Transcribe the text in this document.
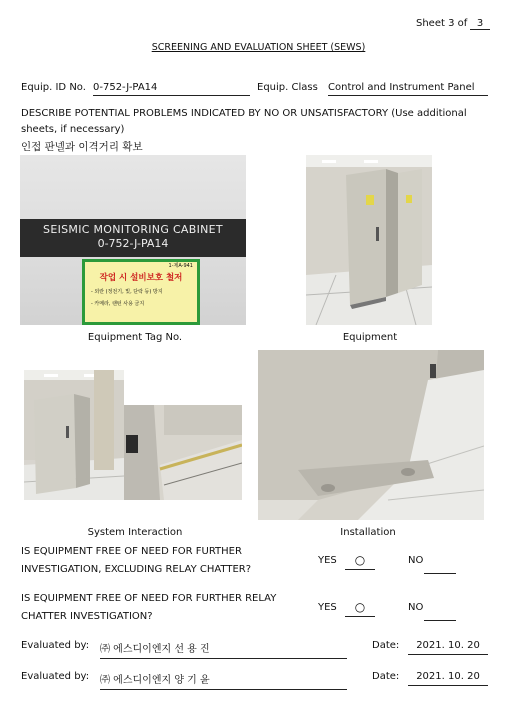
Sheet 3 of 3
SCREENING AND EVALUATION SHEET (SEWS)
Equip. ID No. 0-752-J-PA14	Equip. Class Control and Instrument Panel
DESCRIBE POTENTIAL PROBLEMS INDICATED BY NO OR UNSATISFACTORY (Use additional
sheets, if necessary)
인접 판넬과 이격거리 확보
SEISMIC MONITORING CABINET
0-752-J-PA14
1-제A-941
작업 시 설비보호 철저
- 외란 (정전기, 빛, 단락 등) 방지
- 카메라, 랜턴 사용 금지
Equipment Tag No.	Equipment
System Interaction	Installation
IS EQUIPMENT FREE OF NEED FOR FURTHER
INVESTIGATION, EXCLUDING RELAY CHATTER?
YES	○	NO
IS EQUIPMENT FREE OF NEED FOR FURTHER RELAY
CHATTER INVESTIGATION?
YES	○	NO
Evaluated by: ㈜ 에스디이엔지 선 용 진	Date:	2021. 10. 20
Evaluated by: ㈜ 에스디이엔지 양 기 윤	Date:	2021. 10. 20
